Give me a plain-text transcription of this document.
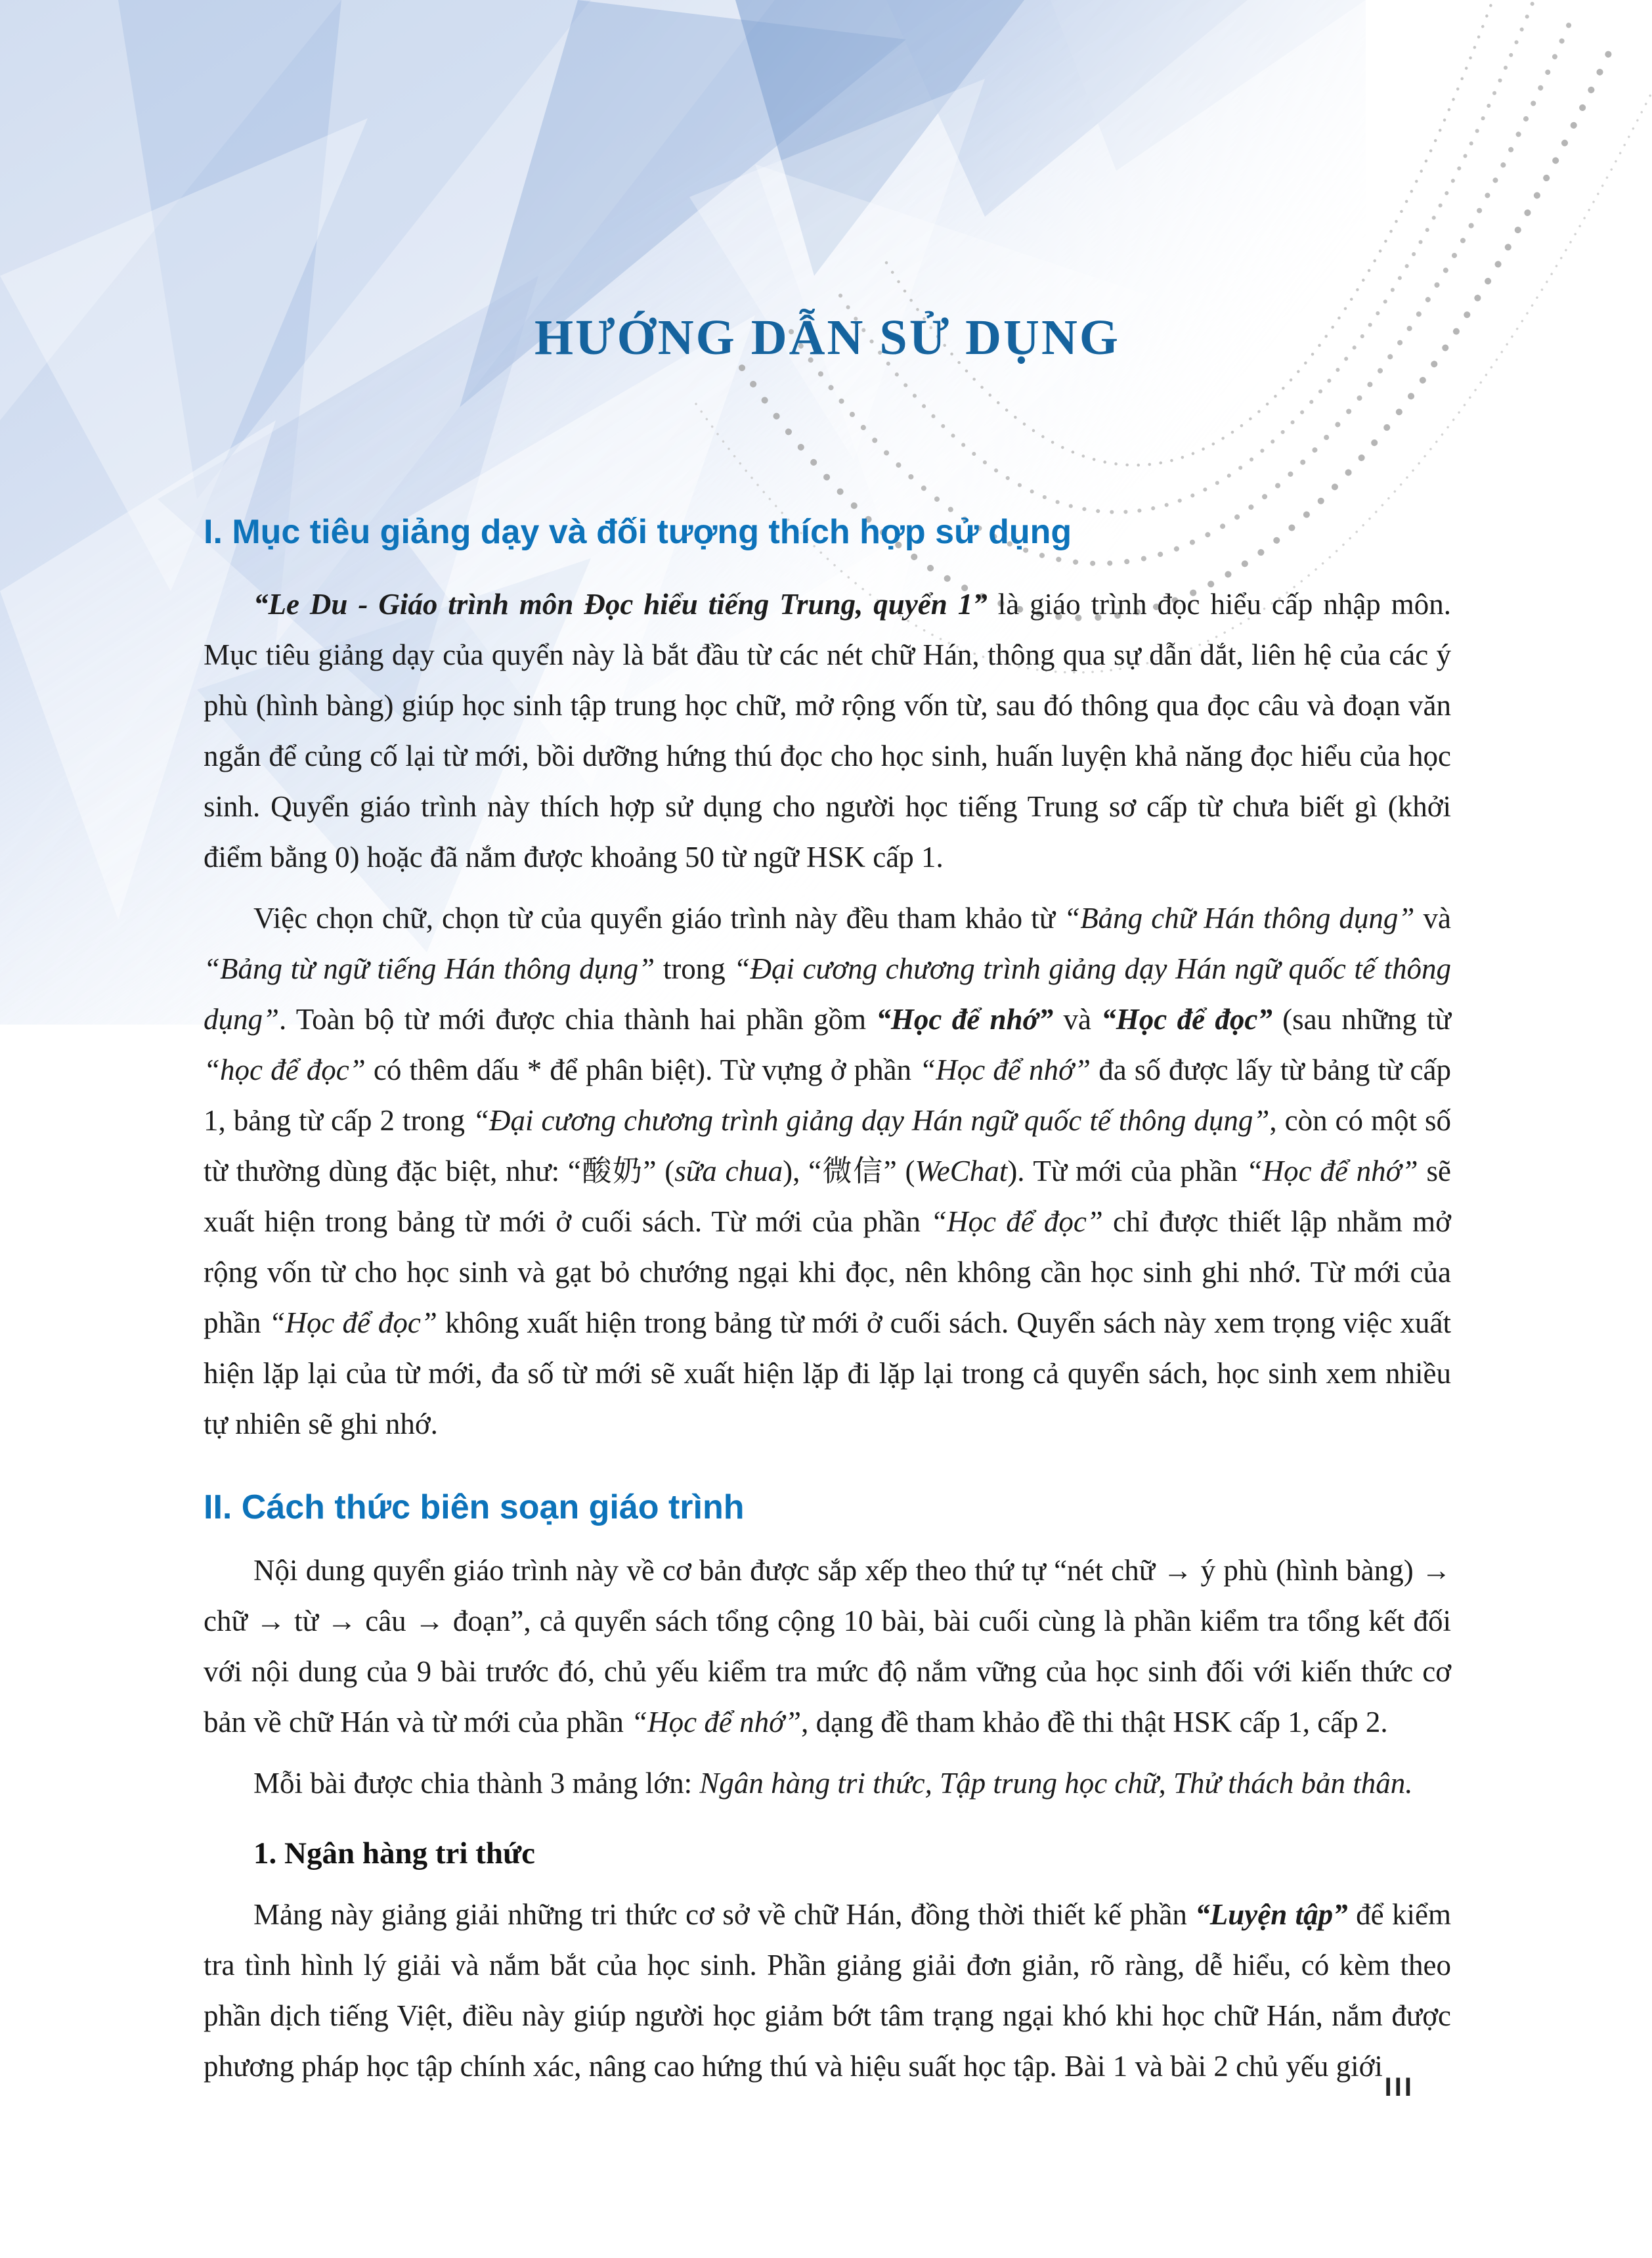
HƯỚNG DẪN SỬ DỤNG
I. Mục tiêu giảng dạy và đối tượng thích hợp sử dụng

“Le Du - Giáo trình môn Đọc hiểu tiếng Trung, quyển 1” là giáo trình đọc hiểu cấp nhập môn. Mục tiêu giảng dạy của quyển này là bắt đầu từ các nét chữ Hán, thông qua sự dẫn dắt, liên hệ của các ý phù (hình bàng) giúp học sinh tập trung học chữ, mở rộng vốn từ, sau đó thông qua đọc câu và đoạn văn ngắn để củng cố lại từ mới, bồi dưỡng hứng thú đọc cho học sinh, huấn luyện khả năng đọc hiểu của học sinh. Quyển giáo trình này thích hợp sử dụng cho người học tiếng Trung sơ cấp từ chưa biết gì (khởi điểm bằng 0) hoặc đã nắm được khoảng 50 từ ngữ HSK cấp 1.

Việc chọn chữ, chọn từ của quyển giáo trình này đều tham khảo từ “Bảng chữ Hán thông dụng” và “Bảng từ ngữ tiếng Hán thông dụng” trong “Đại cương chương trình giảng dạy Hán ngữ quốc tế thông dụng”. Toàn bộ từ mới được chia thành hai phần gồm “Học để nhớ” và “Học để đọc” (sau những từ “học để đọc” có thêm dấu * để phân biệt). Từ vựng ở phần “Học để nhớ” đa số được lấy từ bảng từ cấp 1, bảng từ cấp 2 trong “Đại cương chương trình giảng dạy Hán ngữ quốc tế thông dụng”, còn có một số từ thường dùng đặc biệt, như: “酸奶” (sữa chua), “微信” (WeChat). Từ mới của phần “Học để nhớ” sẽ xuất hiện trong bảng từ mới ở cuối sách. Từ mới của phần “Học để đọc” chỉ được thiết lập nhằm mở rộng vốn từ cho học sinh và gạt bỏ chướng ngại khi đọc, nên không cần học sinh ghi nhớ. Từ mới của phần “Học để đọc” không xuất hiện trong bảng từ mới ở cuối sách. Quyển sách này xem trọng việc xuất hiện lặp lại của từ mới, đa số từ mới sẽ xuất hiện lặp đi lặp lại trong cả quyển sách, học sinh xem nhiều tự nhiên sẽ ghi nhớ.

II. Cách thức biên soạn giáo trình

Nội dung quyển giáo trình này về cơ bản được sắp xếp theo thứ tự “nét chữ → ý phù (hình bàng) → chữ → từ → câu → đoạn”, cả quyển sách tổng cộng 10 bài, bài cuối cùng là phần kiểm tra tổng kết đối với nội dung của 9 bài trước đó, chủ yếu kiểm tra mức độ nắm vững của học sinh đối với kiến thức cơ bản về chữ Hán và từ mới của phần “Học để nhớ”, dạng đề tham khảo đề thi thật HSK cấp 1, cấp 2.

Mỗi bài được chia thành 3 mảng lớn: Ngân hàng tri thức, Tập trung học chữ, Thử thách bản thân.

1. Ngân hàng tri thức

Mảng này giảng giải những tri thức cơ sở về chữ Hán, đồng thời thiết kế phần “Luyện tập” để kiểm tra tình hình lý giải và nắm bắt của học sinh. Phần giảng giải đơn giản, rõ ràng, dễ hiểu, có kèm theo phần dịch tiếng Việt, điều này giúp người học giảm bớt tâm trạng ngại khó khi học chữ Hán, nắm được phương pháp học tập chính xác, nâng cao hứng thú và hiệu suất học tập. Bài 1 và bài 2 chủ yếu giới

III
